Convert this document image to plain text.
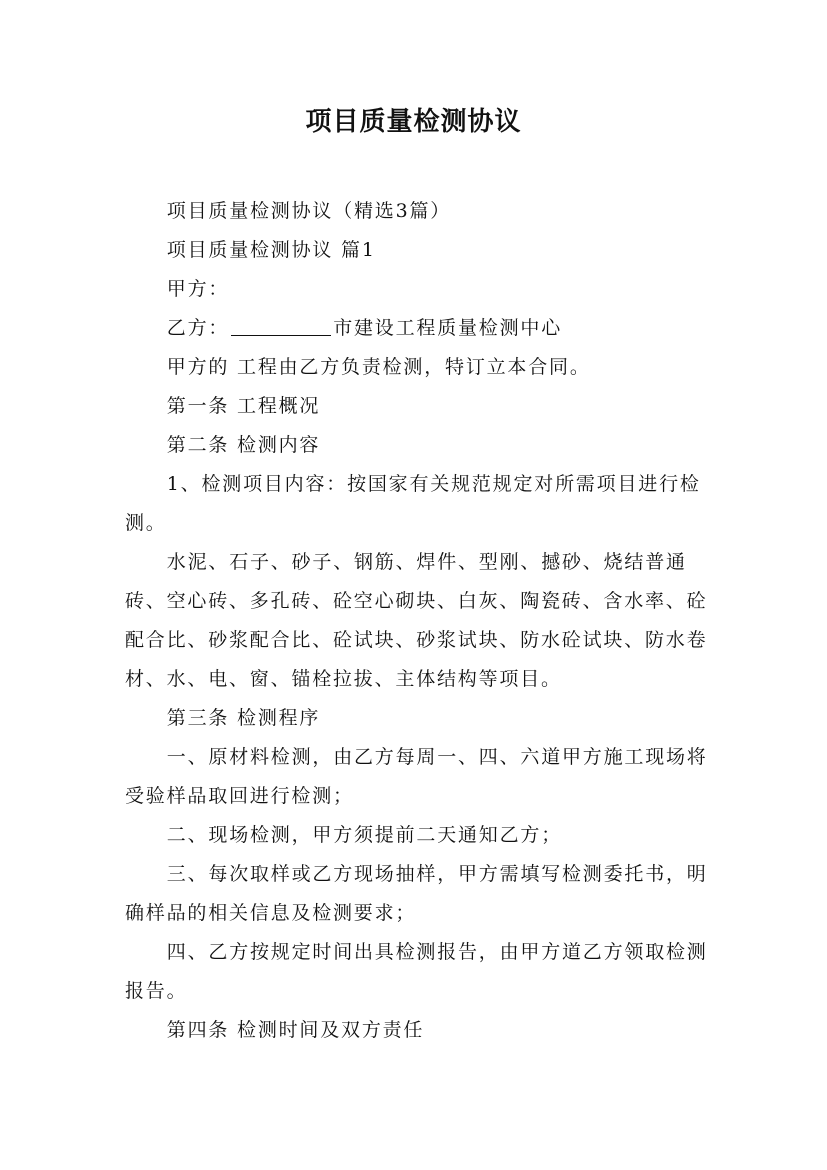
项目质量检测协议

项目质量检测协议（精选3篇）

项目质量检测协议 篇1

甲方：

乙方：	市建设工程质量检测中心

甲方的 工程由乙方负责检测，特订立本合同。

第一条 工程概况

第二条 检测内容

1、检测项目内容：按国家有关规范规定对所需项目进行检测。

水泥、石子、砂子、钢筋、焊件、型刚、撼砂、烧结普通砖、空心砖、多孔砖、砼空心砌块、白灰、陶瓷砖、含水率、砼配合比、砂浆配合比、砼试块、砂浆试块、防水砼试块、防水卷材、水、电、窗、锚栓拉拔、主体结构等项目。

第三条 检测程序

一、原材料检测，由乙方每周一、四、六道甲方施工现场将受验样品取回进行检测；

二、现场检测，甲方须提前二天通知乙方；

三、每次取样或乙方现场抽样，甲方需填写检测委托书，明确样品的相关信息及检测要求；

四、乙方按规定时间出具检测报告，由甲方道乙方领取检测报告。

第四条 检测时间及双方责任
